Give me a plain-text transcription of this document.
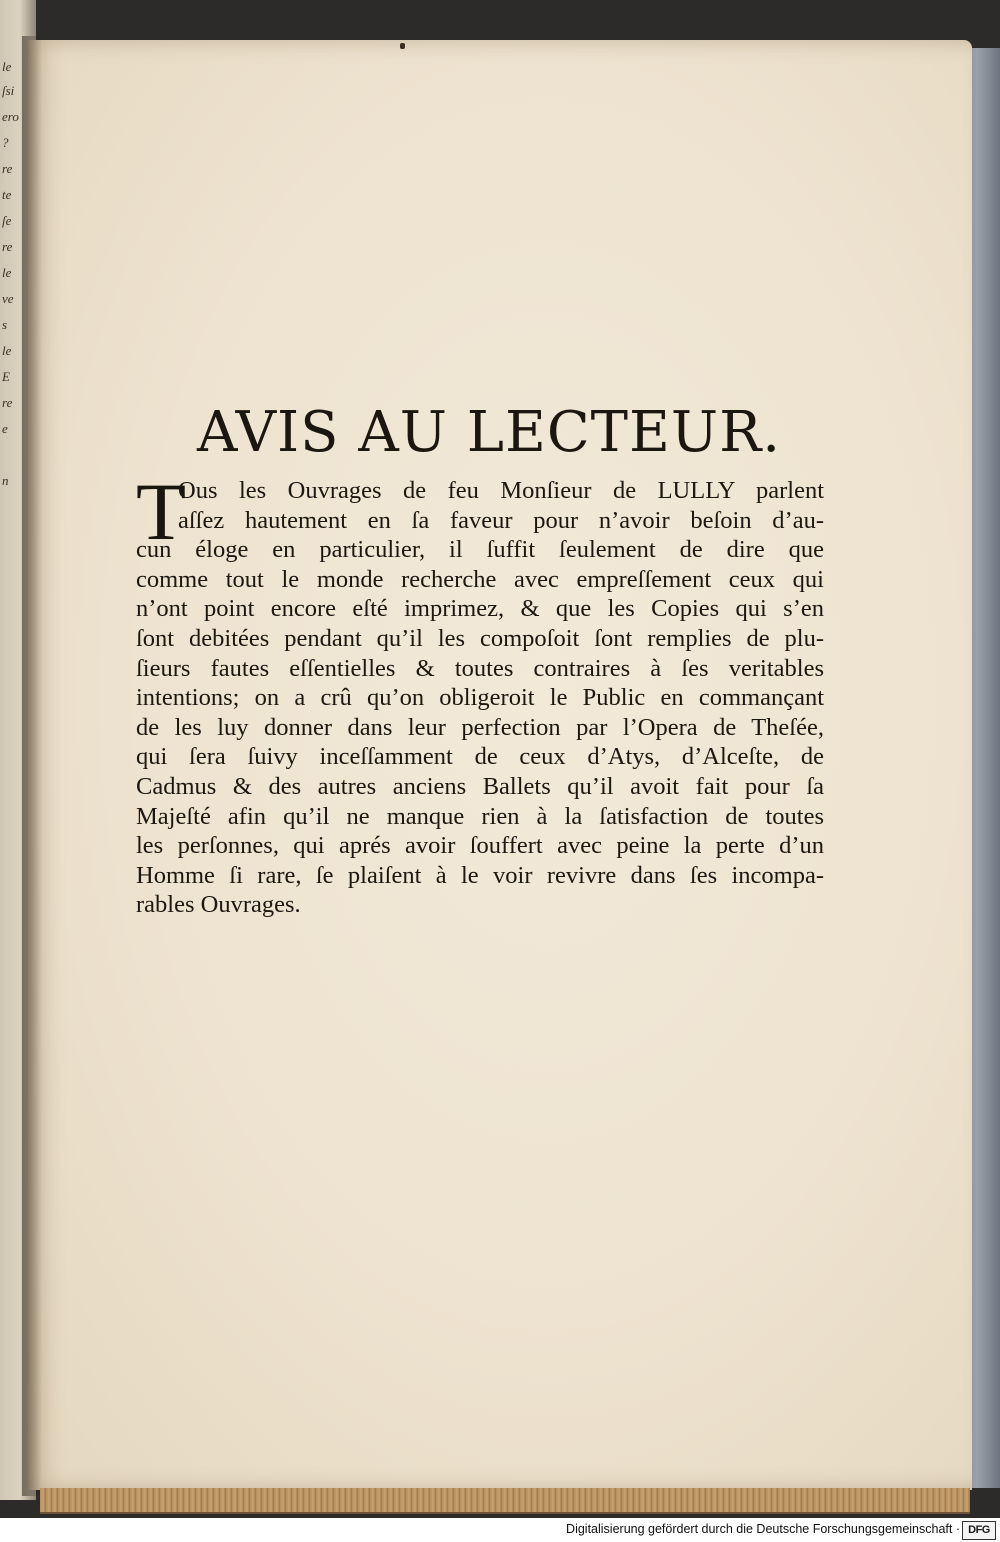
le
ſsi
ero
?
re
te
ſe
re
le
ve
s
le
E
re
e
n
AVIS AU LECTEUR.
T
Ous les Ouvrages de feu Monſieur de LULLY parlent
aſſez hautement en ſa faveur pour n’avoir beſoin d’au-
cun éloge en particulier, il ſuffit ſeulement de dire que
comme tout le monde recherche avec empreſſement ceux qui
n’ont point encore eſté imprimez, & que les Copies qui s’en
ſont debitées pendant qu’il les compoſoit ſont remplies de plu-
ſieurs fautes eſſentielles & toutes contraires à ſes veritables
intentions; on a crû qu’on obligeroit le Public en commançant
de les luy donner dans leur perfection par l’Opera de Theſée,
qui ſera ſuivy inceſſamment de ceux d’Atys, d’Alceſte, de
Cadmus & des autres anciens Ballets qu’il avoit fait pour ſa
Majeſté afin qu’il ne manque rien à la ſatisfaction de toutes
les perſonnes, qui aprés avoir ſouffert avec peine la perte d’un
Homme ſi rare, ſe plaiſent à le voir revivre dans ſes incompa-
rables Ouvrages.
Digitalisierung gefördert durch die Deutsche Forschungsgemeinschaft · DFG
